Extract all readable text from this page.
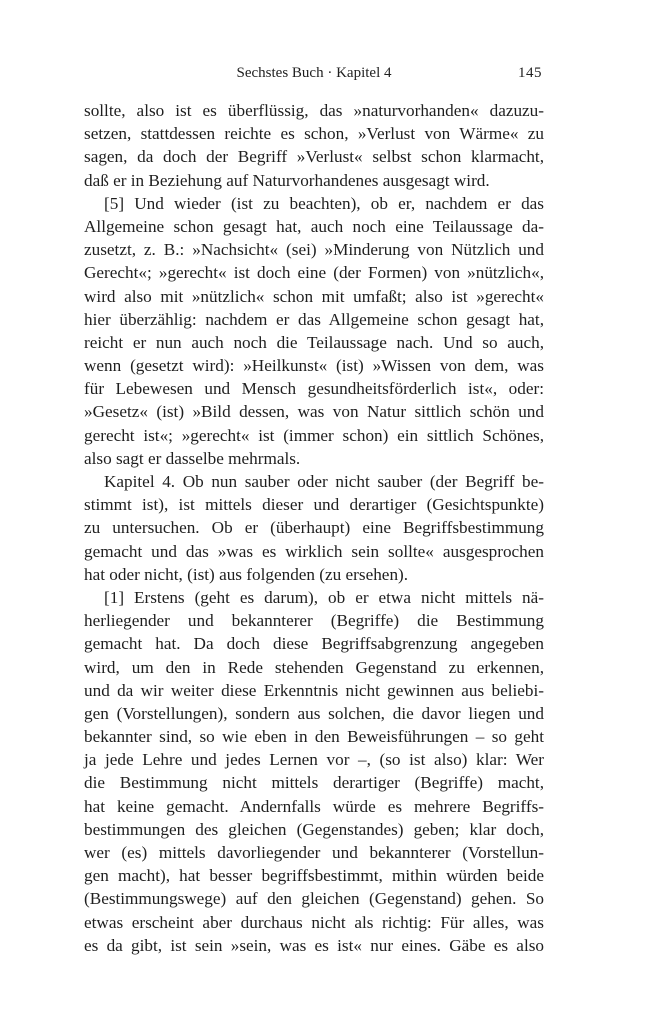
Sechstes Buch · Kapitel 4	145
sollte, also ist es überflüssig, das »naturvorhanden« dazuzu-
setzen, stattdessen reichte es schon, »Verlust von Wärme« zu
sagen, da doch der Begriff »Verlust« selbst schon klarmacht,
daß er in Beziehung auf Naturvorhandenes ausgesagt wird.
[5] Und wieder (ist zu beachten), ob er, nachdem er das
Allgemeine schon gesagt hat, auch noch eine Teilaussage da-
zusetzt, z. B.: »Nachsicht« (sei) »Minderung von Nützlich und
Gerecht«; »gerecht« ist doch eine (der Formen) von »nützlich«,
wird also mit »nützlich« schon mit umfaßt; also ist »gerecht«
hier überzählig: nachdem er das Allgemeine schon gesagt hat,
reicht er nun auch noch die Teilaussage nach. Und so auch,
wenn (gesetzt wird): »Heilkunst« (ist) »Wissen von dem, was
für Lebewesen und Mensch gesundheitsförderlich ist«, oder:
»Gesetz« (ist) »Bild dessen, was von Natur sittlich schön und
gerecht ist«; »gerecht« ist (immer schon) ein sittlich Schönes,
also sagt er dasselbe mehrmals.
Kapitel 4. Ob nun sauber oder nicht sauber (der Begriff be-
stimmt ist), ist mittels dieser und derartiger (Gesichtspunkte)
zu untersuchen. Ob er (überhaupt) eine Begriffsbestimmung
gemacht und das »was es wirklich sein sollte« ausgesprochen
hat oder nicht, (ist) aus folgenden (zu ersehen).
[1] Erstens (geht es darum), ob er etwa nicht mittels nä-
herliegender und bekannterer (Begriffe) die Bestimmung
gemacht hat. Da doch diese Begriffsabgrenzung angegeben
wird, um den in Rede stehenden Gegenstand zu erkennen,
und da wir weiter diese Erkenntnis nicht gewinnen aus beliebi-
gen (Vorstellungen), sondern aus solchen, die davor liegen und
bekannter sind, so wie eben in den Beweisführungen – so geht
ja jede Lehre und jedes Lernen vor –, (so ist also) klar: Wer
die Bestimmung nicht mittels derartiger (Begriffe) macht,
hat keine gemacht. Andernfalls würde es mehrere Begriffs-
bestimmungen des gleichen (Gegenstandes) geben; klar doch,
wer (es) mittels davorliegender und bekannterer (Vorstellun-
gen macht), hat besser begriffsbestimmt, mithin würden beide
(Bestimmungswege) auf den gleichen (Gegenstand) gehen. So
etwas erscheint aber durchaus nicht als richtig: Für alles, was
es da gibt, ist sein »sein, was es ist« nur eines. Gäbe es also
